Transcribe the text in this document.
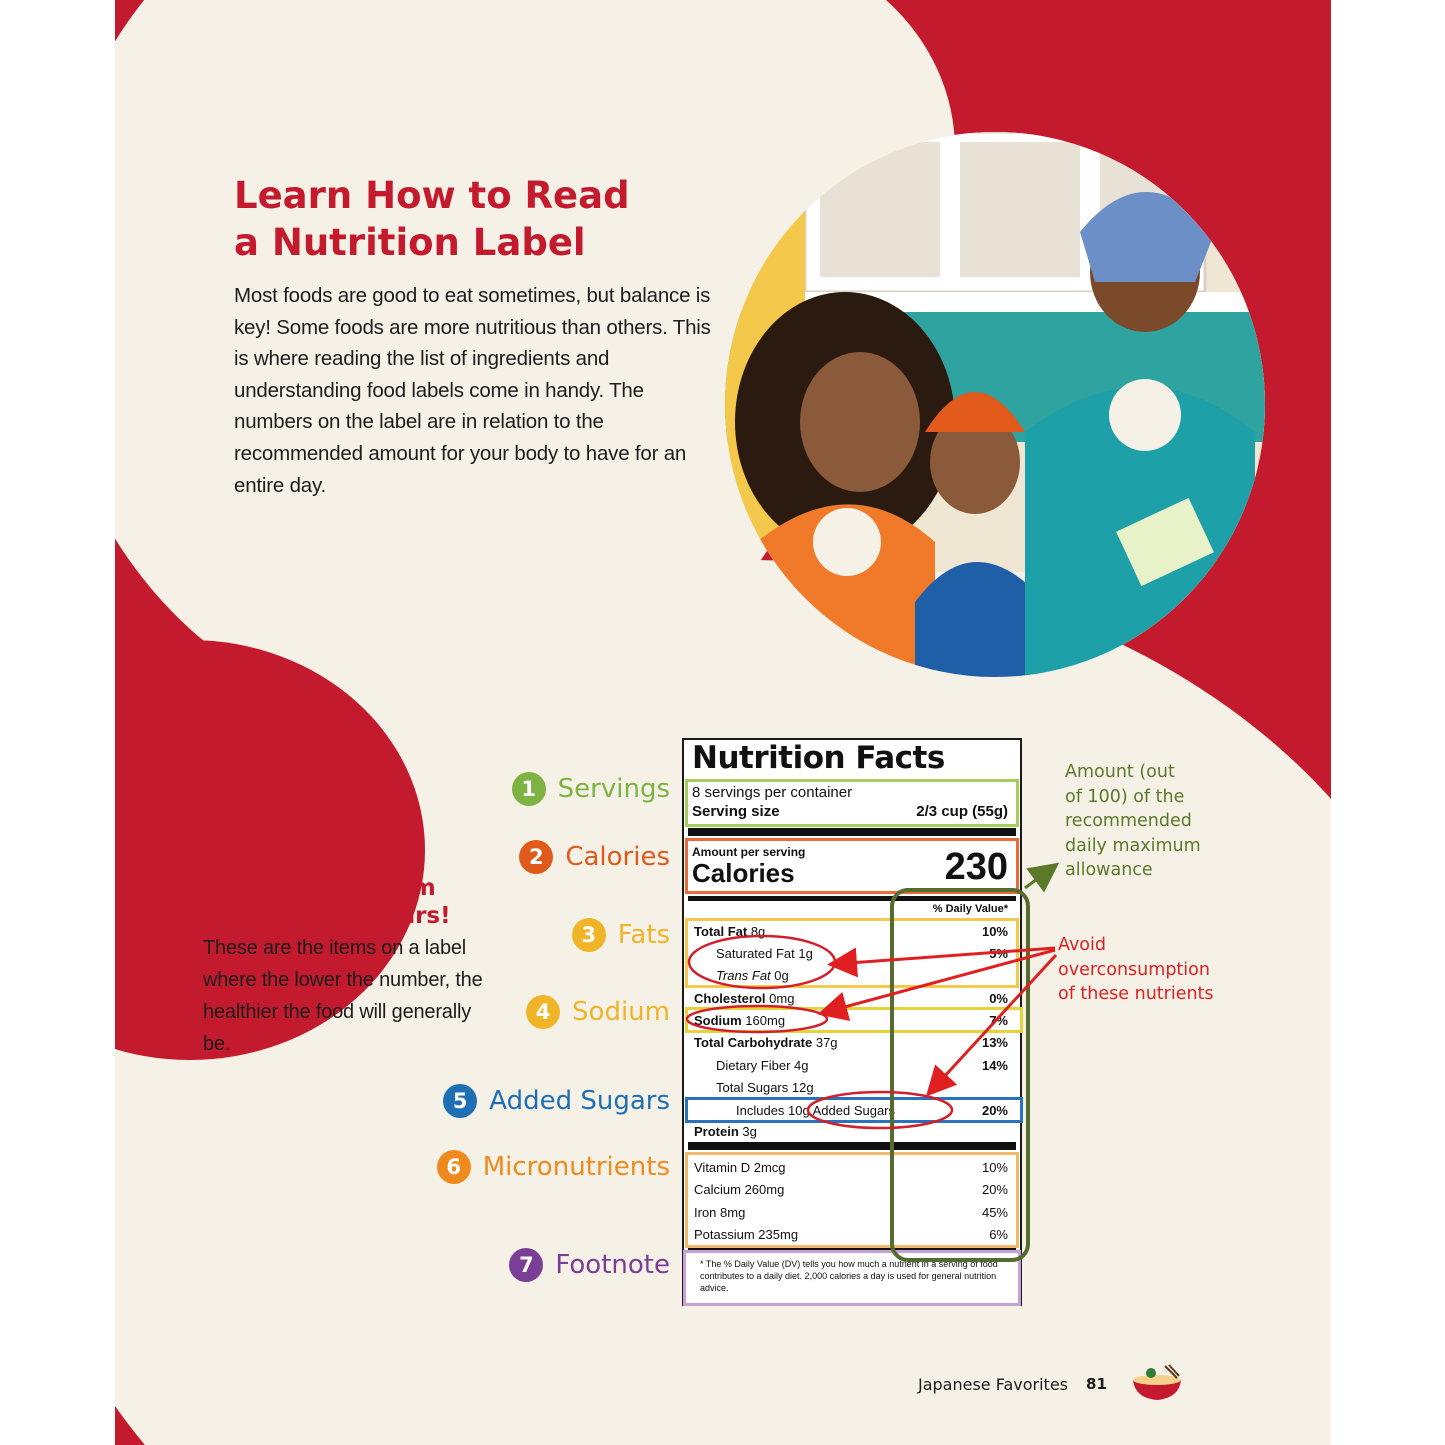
Learn How to Read
a Nutrition Label

Most foods are good to eat sometimes, but balance is key! Some foods are more nutritious than others. This is where reading the list of ingredients and understanding food labels come in handy. The numbers on the label are in relation to the recommended amount for your body to have for an entire day.

Pay attention to
Saturated Fat,
Trans Fat, Sodium
and Added Sugars!

These are the items on a label where the lower the number, the healthier the food will generally be.

1 Servings
2 Calories
3 Fats
4 Sodium
5 Added Sugars
6 Micronutrients
7 Footnote
Nutrition Facts
8 servings per container
Serving size	2/3 cup (55g)
Amount per serving
Calories	230
% Daily Value*
Total Fat 8g	10%
Saturated Fat 1g	5%
Trans Fat 0g
Cholesterol 0mg	0%
Sodium 160mg	7%
Total Carbohydrate 37g	13%
Dietary Fiber 4g	14%
Total Sugars 12g
Includes 10g Added Sugars	20%
Protein 3g
Vitamin D 2mcg	10%
Calcium 260mg	20%
Iron 8mg	45%
Potassium 235mg	6%
* The % Daily Value (DV) tells you how much a nutrient in a serving of food contributes to a daily diet. 2,000 calories a day is used for general nutrition advice.

Amount (out
of 100) of the
recommended
daily maximum
allowance

Avoid
overconsumption
of these nutrients

Japanese Favorites 81
